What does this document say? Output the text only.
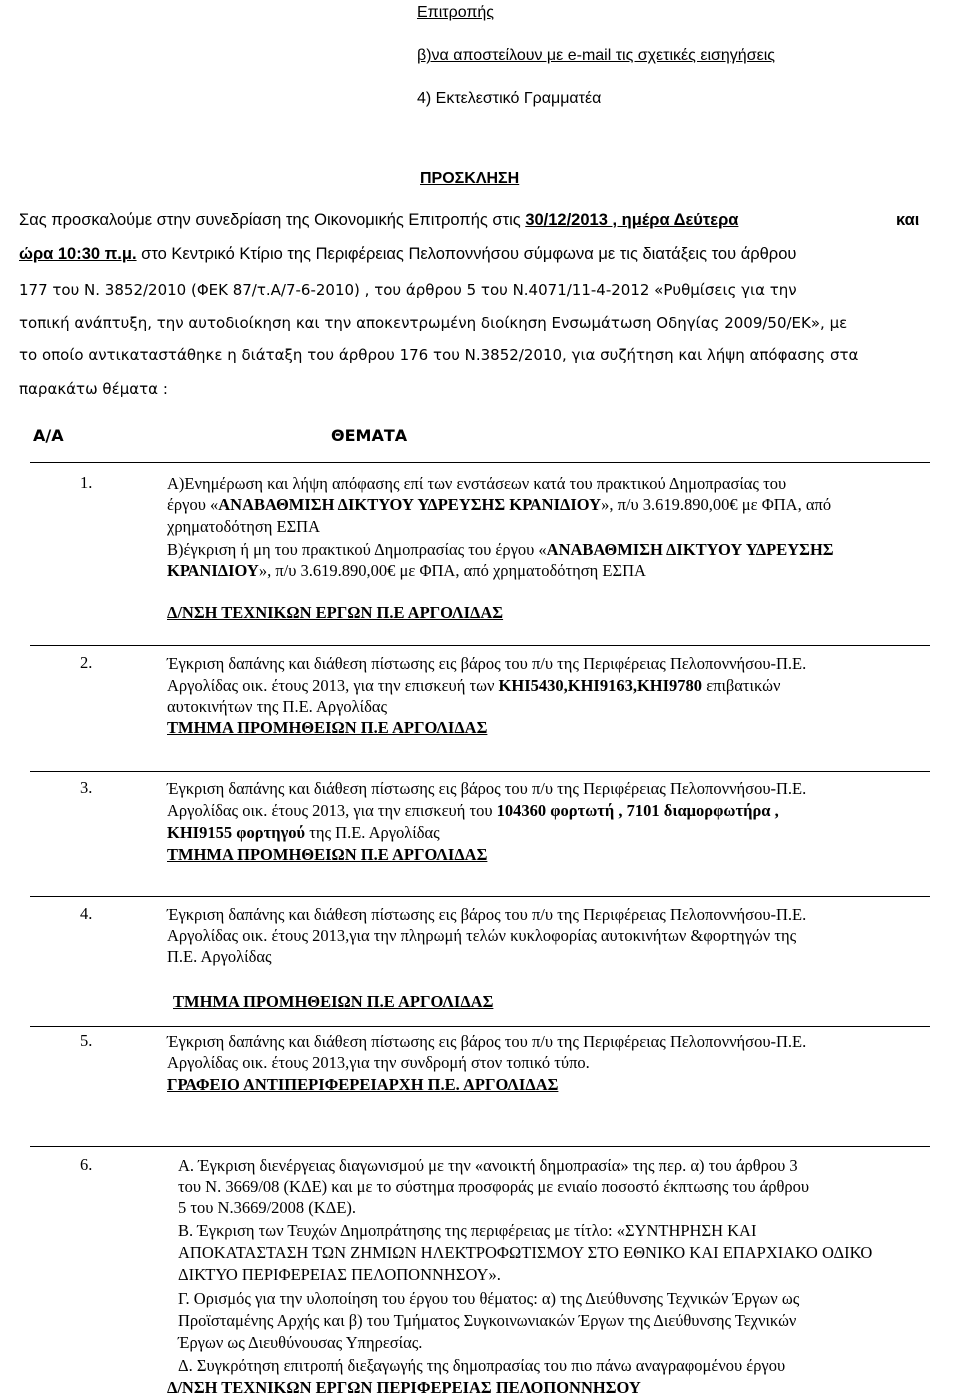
Επιτροπής
β)να αποστείλουν με e-mail τις σχετικές εισηγήσεις
4) Εκτελεστικό Γραμματέα
ΠΡΟΣΚΛΗΣΗ
Σας προσκαλούμε στην συνεδρίαση της Οικονομικής Επιτροπής στις 30/12/2013 , ημέρα Δεύτερα	και
ώρα 10:30 π.μ. στο Κεντρικό Κτίριο της Περιφέρειας Πελοποννήσου σύμφωνα με τις διατάξεις του άρθρου
177 του Ν. 3852/2010 (ΦΕΚ 87/τ.Α/7-6-2010) , του άρθρου 5 του Ν.4071/11-4-2012 «Ρυθμίσεις για την
τοπική ανάπτυξη, την αυτοδιοίκηση και την αποκεντρωμένη διοίκηση Ενσωμάτωση Οδηγίας 2009/50/ΕΚ», με
το οποίο αντικαταστάθηκε η διάταξη του άρθρου 176 του Ν.3852/2010, για συζήτηση και λήψη απόφασης στα
παρακάτω θέματα :
Α/Α	ΘΕΜΑΤΑ
1.	Α)Ενημέρωση και λήψη απόφασης επί των ενστάσεων κατά του πρακτικού Δημοπρασίας του
έργου «ΑΝΑΒΑΘΜΙΣΗ ΔΙΚΤΥΟΥ ΥΔΡΕΥΣΗΣ ΚΡΑΝΙΔΙΟΥ», π/υ 3.619.890,00€ με ΦΠΑ, από
χρηματοδότηση ΕΣΠΑ
Β)έγκριση ή μη του πρακτικού Δημοπρασίας του έργου «ΑΝΑΒΑΘΜΙΣΗ ΔΙΚΤΥΟΥ ΥΔΡΕΥΣΗΣ
ΚΡΑΝΙΔΙΟΥ», π/υ 3.619.890,00€ με ΦΠΑ, από χρηματοδότηση ΕΣΠΑ
Δ/ΝΣΗ ΤΕΧΝΙΚΩΝ ΕΡΓΩΝ Π.Ε ΑΡΓΟΛΙΔΑΣ
2.	Έγκριση δαπάνης και διάθεση πίστωσης εις βάρος του π/υ της Περιφέρειας Πελοποννήσου-Π.Ε.
Αργολίδας οικ. έτους 2013, για την επισκευή των ΚΗΙ5430,ΚΗΙ9163,ΚΗΙ9780 επιβατικών
αυτοκινήτων της Π.Ε. Αργολίδας
ΤΜΗΜΑ ΠΡΟΜΗΘΕΙΩΝ Π.Ε ΑΡΓΟΛΙΔΑΣ
3.	Έγκριση δαπάνης και διάθεση πίστωσης εις βάρος του π/υ της Περιφέρειας Πελοποννήσου-Π.Ε.
Αργολίδας οικ. έτους 2013, για την επισκευή του 104360 φορτωτή , 7101 διαμορφωτήρα ,
ΚΗΙ9155 φορτηγού της Π.Ε. Αργολίδας
ΤΜΗΜΑ ΠΡΟΜΗΘΕΙΩΝ Π.Ε ΑΡΓΟΛΙΔΑΣ
4.	Έγκριση δαπάνης και διάθεση πίστωσης εις βάρος του π/υ της Περιφέρειας Πελοποννήσου-Π.Ε.
Αργολίδας οικ. έτους 2013,για την πληρωμή τελών κυκλοφορίας αυτοκινήτων &φορτηγών της
Π.Ε. Αργολίδας
ΤΜΗΜΑ ΠΡΟΜΗΘΕΙΩΝ Π.Ε ΑΡΓΟΛΙΔΑΣ
5.	Έγκριση δαπάνης και διάθεση πίστωσης εις βάρος του π/υ της Περιφέρειας Πελοποννήσου-Π.Ε.
Αργολίδας οικ. έτους 2013,για την συνδρομή στον τοπικό τύπο.
ΓΡΑΦΕΙΟ ΑΝΤΙΠΕΡΙΦΕΡΕΙΑΡΧΗ Π.Ε. ΑΡΓΟΛΙΔΑΣ
6.	Α. Έγκριση διενέργειας διαγωνισμού με την «ανοικτή δημοπρασία» της περ. α) του άρθρου 3
του Ν. 3669/08 (ΚΔΕ) και με το σύστημα προσφοράς με ενιαίο ποσοστό έκπτωσης του άρθρου
5 του Ν.3669/2008 (ΚΔΕ).
Β. Έγκριση των Τευχών Δημοπράτησης της περιφέρειας με τίτλο: «ΣΥΝΤΗΡΗΣΗ ΚΑΙ
ΑΠΟΚΑΤΑΣΤΑΣΗ ΤΩΝ ΖΗΜΙΩΝ ΗΛΕΚΤΡΟΦΩΤΙΣΜΟΥ ΣΤΟ ΕΘΝΙΚΟ ΚΑΙ ΕΠΑΡΧΙΑΚΟ ΟΔΙΚΟ
ΔΙΚΤΥΟ ΠΕΡΙΦΕΡΕΙΑΣ ΠΕΛΟΠΟΝΝΗΣΟΥ».
Γ. Ορισμός για την υλοποίηση του έργου του θέματος: α) της Διεύθυνσης Τεχνικών Έργων ως
Προϊσταμένης Αρχής και β) του Τμήματος Συγκοινωνιακών Έργων της Διεύθυνσης Τεχνικών
Έργων ως Διευθύνουσας Υπηρεσίας.
Δ. Συγκρότηση επιτροπή διεξαγωγής της δημοπρασίας του πιο πάνω αναγραφομένου έργου
Δ/ΝΣΗ ΤΕΧΝΙΚΩΝ ΕΡΓΩΝ ΠΕΡΙΦΕΡΕΙΑΣ ΠΕΛΟΠΟΝΝΗΣΟΥ
